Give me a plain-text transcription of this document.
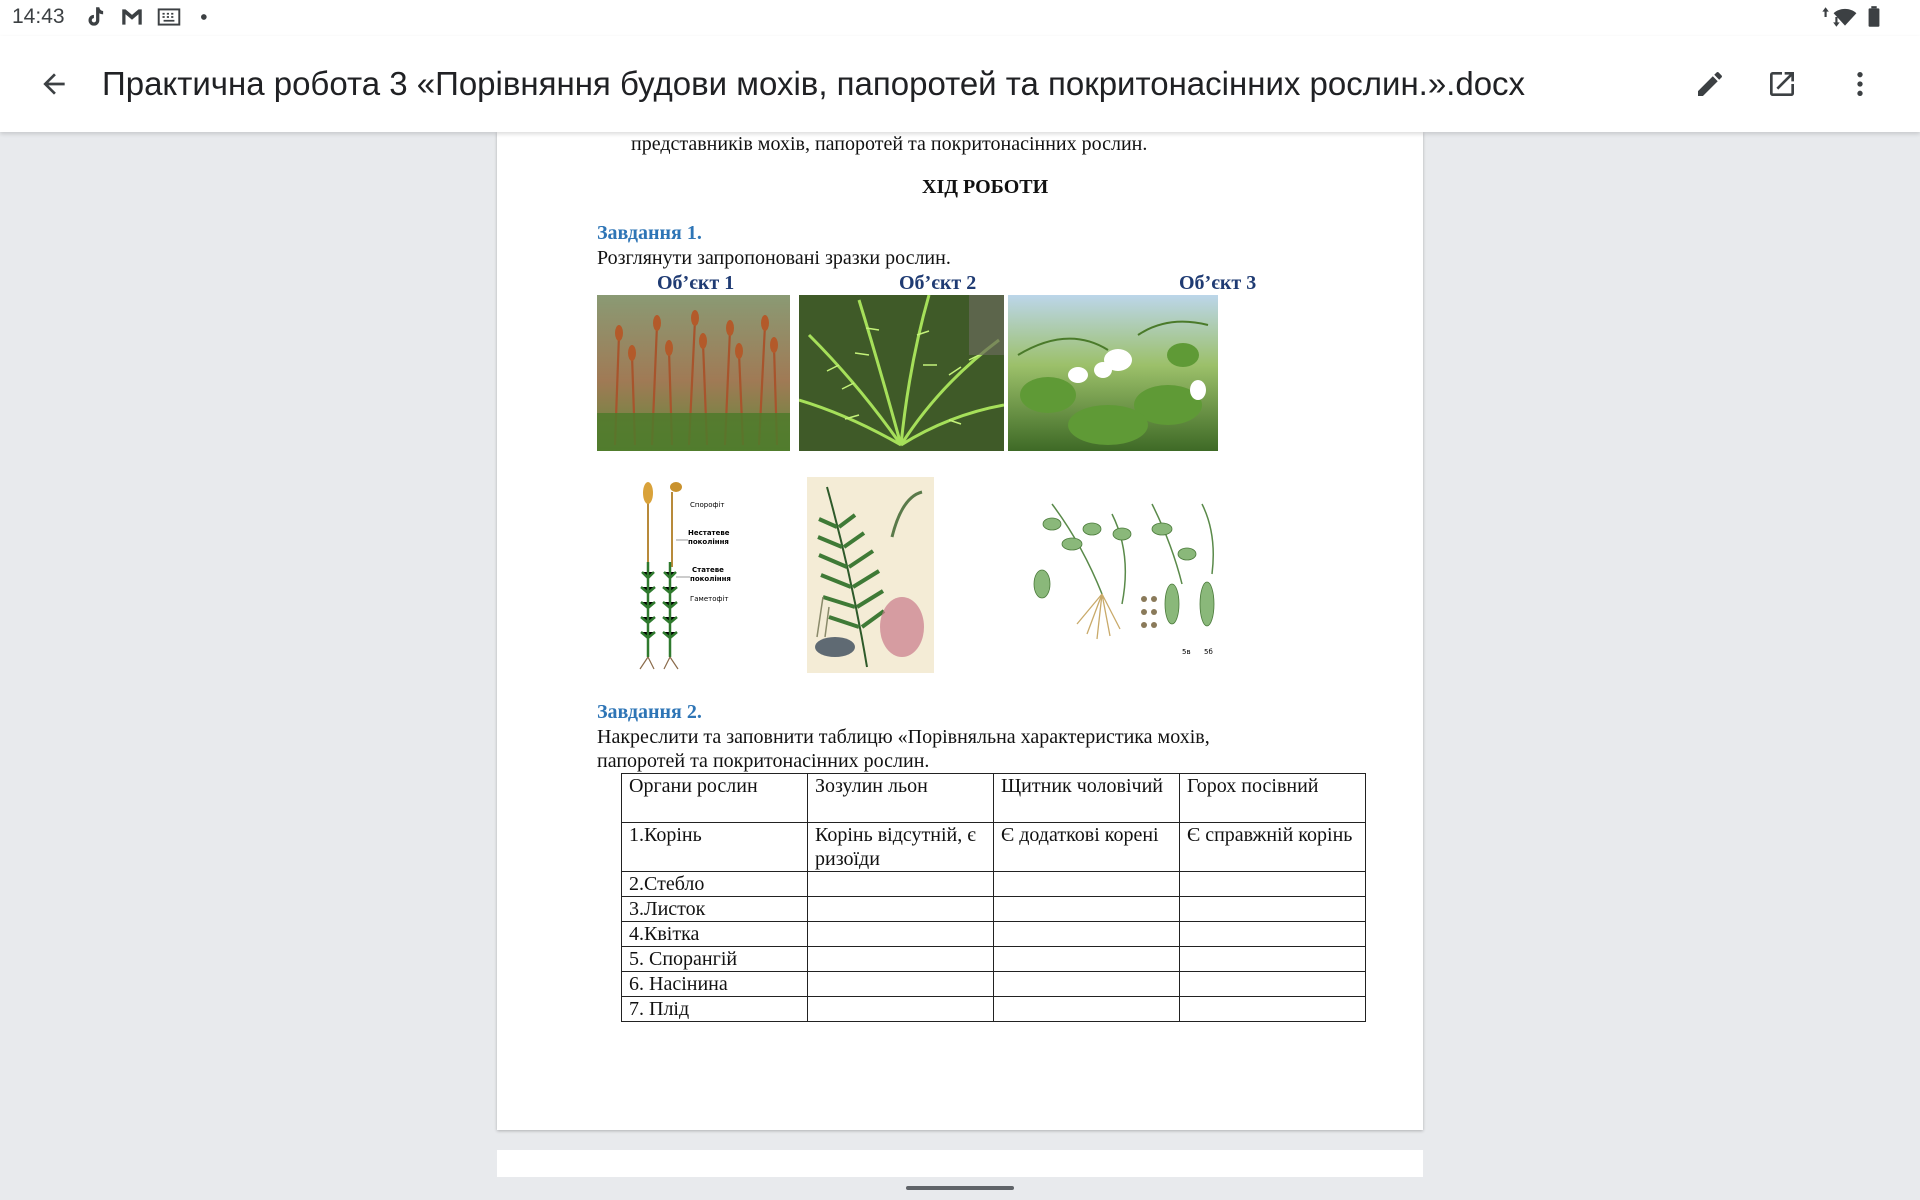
14:43
Практична робота 3 «Порівняння будови мохів, папоротей та покритонасінних рослин.».docx
представників мохів, папоротей та покритонасінних рослин.
ХІД РОБОТИ
Завдання 1.
Розглянути запропоновані зразки рослин.
Об’єкт 1	Об’єкт 2	Об’єкт 3
Спорофіт
Нестатеве
покоління
Статеве
покоління
Гаметофіт
5в 5б
Завдання 2.
Накреслити та заповнити таблицю «Порівняльна характеристика мохів,
папоротей та покритонасінних рослин.
Органи рослин	Зозулин льон	Щитник чоловічий	Горох посівний
1.Корінь	Корінь відсутній, є ризоїди	Є додаткові корені	Є справжній корінь
2.Стебло			
3.Листок			
4.Квітка			
5. Спорангій			
6. Насінина			
7. Плід			
